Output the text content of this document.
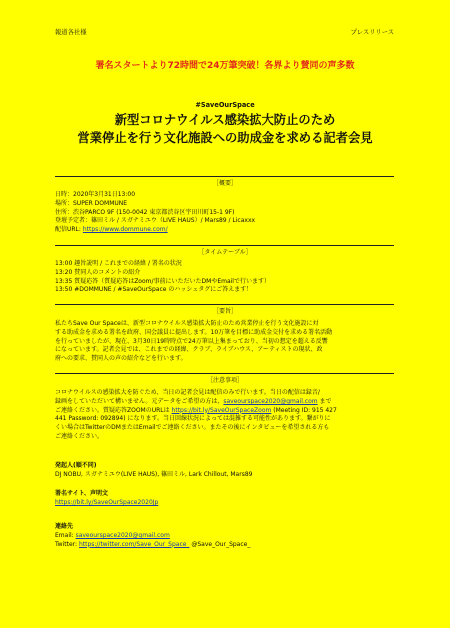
報道各社様	プレスリリース
署名スタートより72時間で24万筆突破！各界より賛同の声多数
#SaveOurSpace
新型コロナウイルス感染拡大防止のため
営業停止を行う文化施設への助成金を求める記者会見
［概要］
日時：2020年3月31日13:00
場所：SUPER DOMMUNE
住所：渋谷PARCO 9F (150-0042 東京都渋谷区宇田川町15-1 9F)
登壇予定者：篠田ミル / スガナミユウ（LIVE HAUS）/ Mars89 / Licaxxx
配信URL: https://www.dommune.com/
［タイムテーブル］
13:00 趣旨説明 / これまでの経緯 / 署名の状況
13:20 賛同人のコメントの紹介
13:35 質疑応答（質疑応答はZoom/事前にいただいたDMやEmailで行います）
13:50 #DOMMUNE / #SaveOurSpace のハッシュタグにご答えます！
［要旨］
私たちSave Our Spaceは、新型コロナウイルス感染拡大防止のため営業停止を行う文化施設に対
する助成金を求める署名を政府、国会議員に提出します。10万筆を目標に助成金交付を求める署名活動
を行っていましたが、現在、3月30日19時時点で24万筆以上集まっており、当初の想定を超える反響
になっています。記者会見では、これまでの経緯、クラブ、ライブハウス、アーティストの現状、政
府への要求、賛同人の声の紹介などを行います。
［注意事項］
コロナウイルスの感染拡大を防ぐため、当日の記者会見は配信のみで行います。当日の配信は録音/
録画をしていただいて構いません。元データをご希望の方は、saveourspace2020@gmail.com まで
ご連絡ください。質疑応答ZOOMのURLは https://bit.ly/SaveOurSpaceZoom (Meeting ID: 915 427
441 Password: 092894) になります。当日回線状況によっては混雑する可能性があります。繋がりに
くい場合はTwitterのDMまたはEmailでご連絡ください。またその後にインタビューを希望される方も
ご連絡ください。
発起人(順不同)
DJ NOBU, スガナミユウ(LIVE HAUS), 篠田ミル, Lark Chillout, Mars89
署名サイト、声明文
https://bit.ly/SaveOurSpace2020Jp
連絡先
Email: saveourspace2020@gmail.com
Twitter: https://twitter.com/Save_Our_Space_ @Save_Our_Space_
